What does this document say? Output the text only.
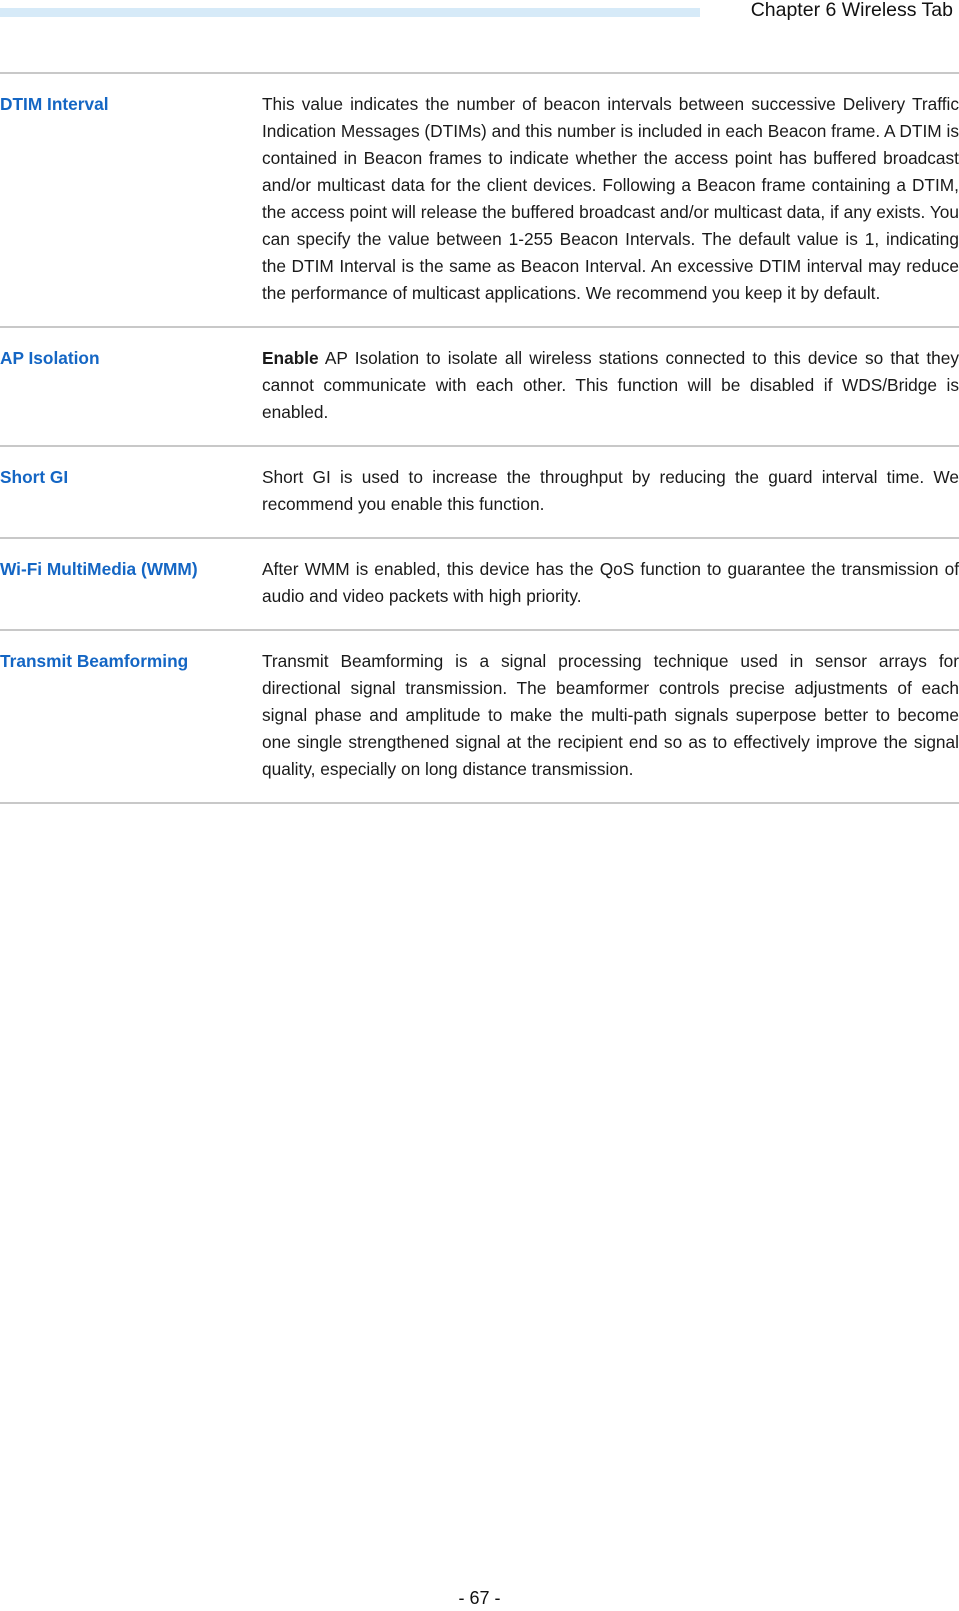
Chapter 6 Wireless Tab
DTIM Interval	This value indicates the number of beacon intervals between successive Delivery Traffic Indication Messages (DTIMs) and this number is included in each Beacon frame. A DTIM is contained in Beacon frames to indicate whether the access point has buffered broadcast and/or multicast data for the client devices. Following a Beacon frame containing a DTIM, the access point will release the buffered broadcast and/or multicast data, if any exists. You can specify the value between 1-255 Beacon Intervals. The default value is 1, indicating the DTIM Interval is the same as Beacon Interval. An excessive DTIM interval may reduce the performance of multicast applications. We recommend you keep it by default.
AP Isolation	Enable AP Isolation to isolate all wireless stations connected to this device so that they cannot communicate with each other. This function will be disabled if WDS/Bridge is enabled.
Short GI	Short GI is used to increase the throughput by reducing the guard interval time. We recommend you enable this function.
Wi-Fi MultiMedia (WMM)	After WMM is enabled, this device has the QoS function to guarantee the transmission of audio and video packets with high priority.
Transmit Beamforming	Transmit Beamforming is a signal processing technique used in sensor arrays for directional signal transmission. The beamformer controls precise adjustments of each signal phase and amplitude to make the multi-path signals superpose better to become one single strengthened signal at the recipient end so as to effectively improve the signal quality, especially on long distance transmission.
- 67 -
